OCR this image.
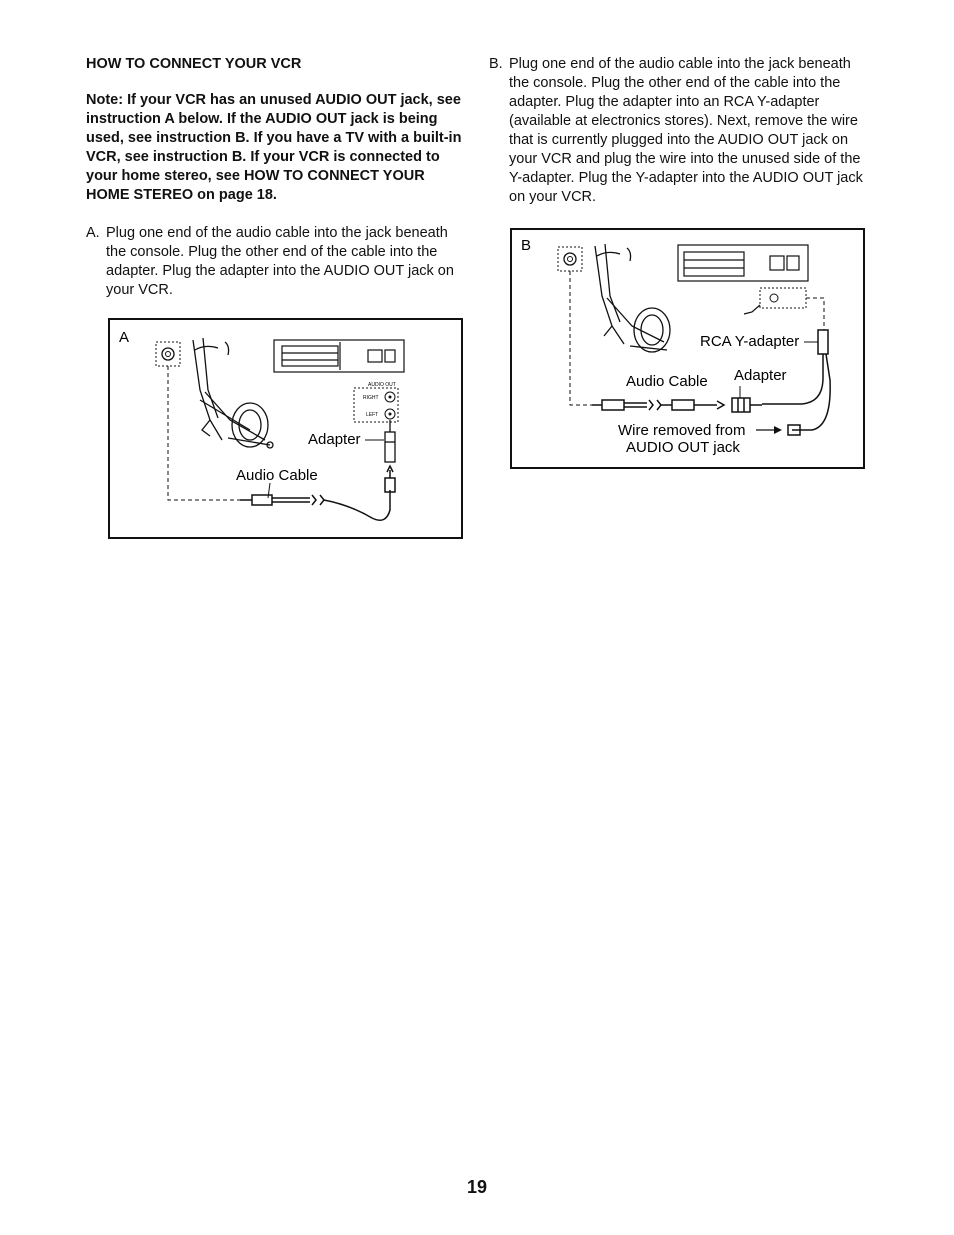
HOW TO CONNECT YOUR VCR

Note: If your VCR has an unused AUDIO OUT jack, see instruction A below. If the AUDIO OUT jack is being used, see instruction B. If you have a TV with a built-in VCR, see instruction B. If your VCR is connected to your home stereo, see HOW TO CONNECT YOUR HOME STEREO on page 18.

A. Plug one end of the audio cable into the jack beneath the console. Plug the other end of the cable into the adapter. Plug the adapter into the AUDIO OUT jack on your VCR.
B. Plug one end of the audio cable into the jack beneath the console. Plug the other end of the cable into the adapter. Plug the adapter into an RCA Y-adapter (available at electronics stores). Next, remove the wire that is currently plugged into the AUDIO OUT jack on your VCR and plug the wire into the unused side of the Y-adapter. Plug the Y-adapter into the AUDIO OUT jack on your VCR.
A
AUDIO OUT
RIGHT
LEFT
Adapter
Audio Cable
B
RCA Y-adapter
Audio Cable Adapter
Wire removed from
AUDIO OUT jack
19
